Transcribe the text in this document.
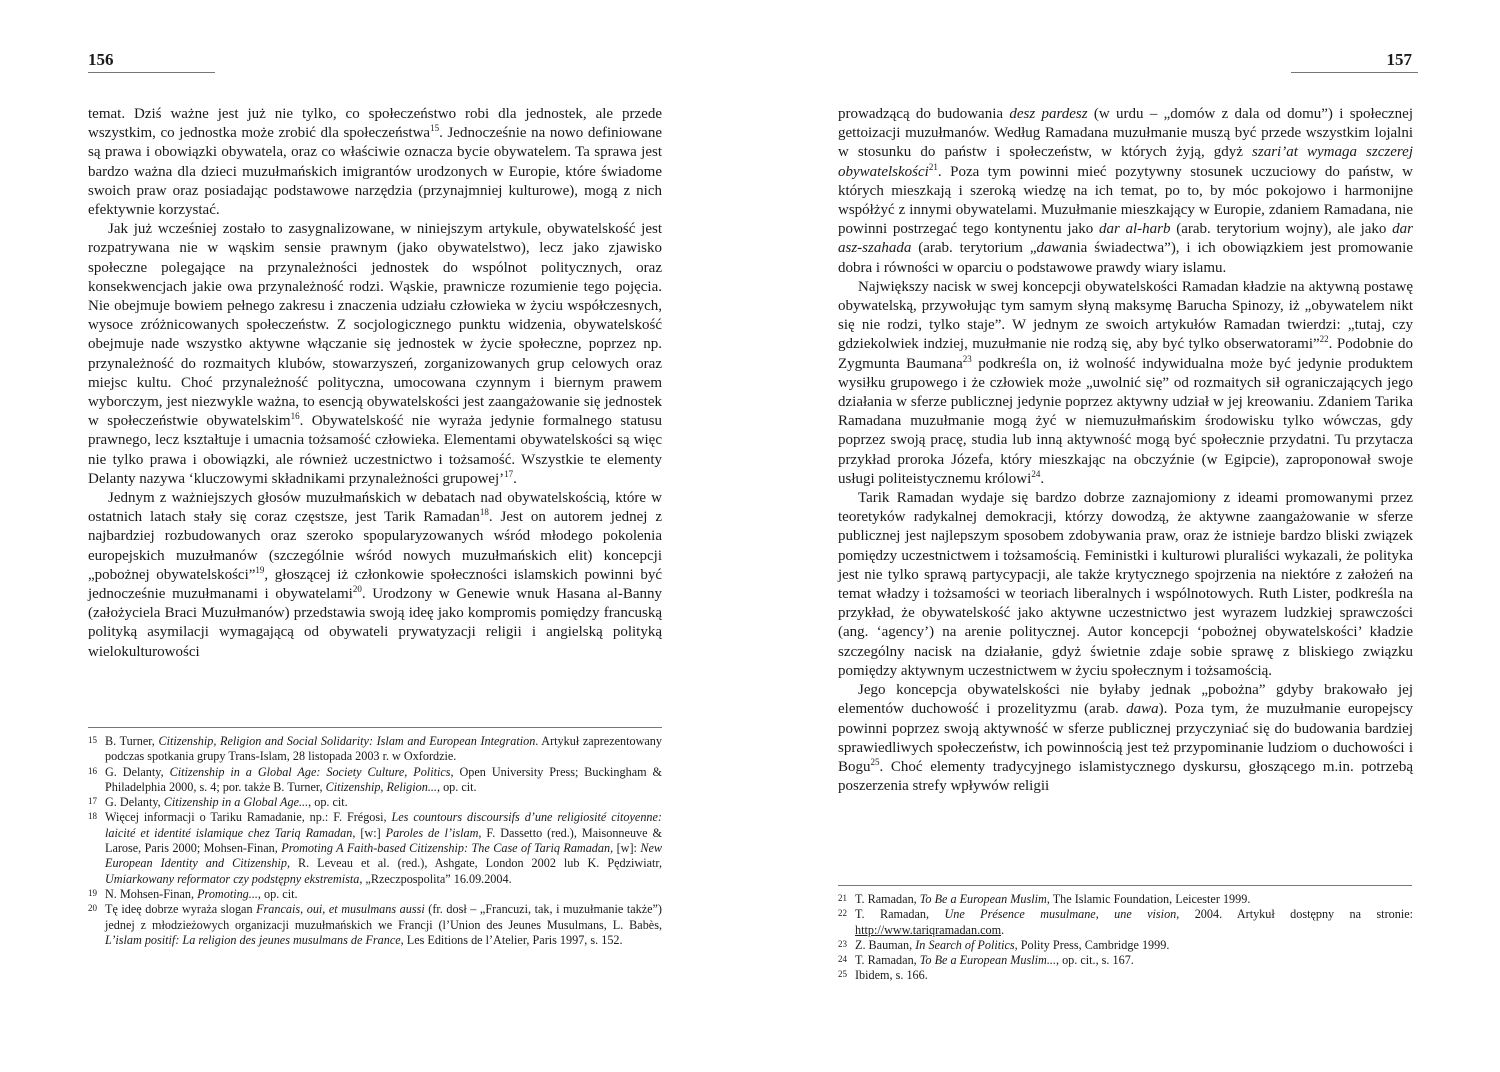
156

temat. Dziś ważne jest już nie tylko, co społeczeństwo robi dla jednostek, ale przede wszystkim, co jednostka może zrobić dla społeczeństwa$^{15}$. Jednocześnie na nowo definiowane są prawa i obowiązki obywatela, oraz co właściwie oznacza bycie obywatelem. Ta sprawa jest bardzo ważna dla dzieci muzułmańskich imigrantów urodzonych w Europie, które świadome swoich praw oraz posiadając podstawowe narzędzia (przynajmniej kulturowe), mogą z nich efektywnie korzystać.

Jak już wcześniej zostało to zasygnalizowane, w niniejszym artykule, obywatelskość jest rozpatrywana nie w wąskim sensie prawnym (jako obywatelstwo), lecz jako zjawisko społeczne polegające na przynależności jednostek do wspólnot politycznych, oraz konsekwencjach jakie owa przynależność rodzi. Wąskie, prawnicze rozumienie tego pojęcia. Nie obejmuje bowiem pełnego zakresu i znaczenia udziału człowieka w życiu współczesnych, wysoce zróżnicowanych społeczeństw. Z socjologicznego punktu widzenia, obywatelskość obejmuje nade wszystko aktywne włączanie się jednostek w życie społeczne, poprzez np. przynależność do rozmaitych klubów, stowarzyszeń, zorganizowanych grup celowych oraz miejsc kultu. Choć przynależność polityczna, umocowana czynnym i biernym prawem wyborczym, jest niezwykle ważna, to esencją obywatelskości jest zaangażowanie się jednostek w społeczeństwie obywatelskim$^{16}$. Obywatelskość nie wyraża jedynie formalnego statusu prawnego, lecz kształtuje i umacnia tożsamość człowieka. Elementami obywatelskości są więc nie tylko prawa i obowiązki, ale również uczestnictwo i tożsamość. Wszystkie te elementy Delanty nazywa ‘kluczowymi składnikami przynależności grupowej’$^{17}$.

Jednym z ważniejszych głosów muzułmańskich w debatach nad obywatelskością, które w ostatnich latach stały się coraz częstsze, jest Tarik Ramadan$^{18}$. Jest on autorem jednej z najbardziej rozbudowanych oraz szeroko spopularyzowanych wśród młodego pokolenia europejskich muzułmanów (szczególnie wśród nowych muzułmańskich elit) koncepcji „pobożnej obywatelskości”$^{19}$, głoszącej iż członkowie społeczności islamskich powinni być jednocześnie muzułmanami i obywatelami$^{20}$. Urodzony w Genewie wnuk Hasana al-Banny (założyciela Braci Muzułmanów) przedstawia swoją ideę jako kompromis pomiędzy francuską polityką asymilacji wymagającą od obywateli prywatyzacji religii i angielską polityką wielokulturowości

15 B. Turner, Citizenship, Religion and Social Solidarity: Islam and European Integration. Artykuł zaprezentowany podczas spotkania grupy Trans-Islam, 28 listopada 2003 r. w Oxfordzie.
16 G. Delanty, Citizenship in a Global Age: Society Culture, Politics, Open University Press; Buckingham & Philadelphia 2000, s. 4; por. także B. Turner, Citizenship, Religion..., op. cit.
17 G. Delanty, Citizenship in a Global Age..., op. cit.
18 Więcej informacji o Tariku Ramadanie, np.: F. Frégosi, Les countours discoursifs d’une religiosité citoyenne: laicité et identité islamique chez Tariq Ramadan, [w:] Paroles de l’islam, F. Dassetto (red.), Maisonneuve & Larose, Paris 2000; Mohsen-Finan, Promoting A Faith-based Citizenship: The Case of Tariq Ramadan, [w]: New European Identity and Citizenship, R. Leveau et al. (red.), Ashgate, London 2002 lub K. Pędziwiatr, Umiarkowany reformator czy podstępny ekstremista, „Rzeczpospolita” 16.09.2004.
19 N. Mohsen-Finan, Promoting..., op. cit.
20 Tę ideę dobrze wyraża slogan Francais, oui, et musulmans aussi (fr. dosł – „Francuzi, tak, i muzułmanie także”) jednej z młodzieżowych organizacji muzułmańskich we Francji (l’Union des Jeunes Musulmans, L. Babès, L’islam positif: La religion des jeunes musulmans de France, Les Editions de l’Atelier, Paris 1997, s. 152.
157

prowadzącą do budowania desz pardesz (w urdu – „domów z dala od domu”) i społecznej gettoizacji muzułmanów. Według Ramadana muzułmanie muszą być przede wszystkim lojalni w stosunku do państw i społeczeństw, w których żyją, gdyż szari’at wymaga szczerej obywatelskości$^{21}$. Poza tym powinni mieć pozytywny stosunek uczuciowy do państw, w których mieszkają i szeroką wiedzę na ich temat, po to, by móc pokojowo i harmonijne współżyć z innymi obywatelami. Muzułmanie mieszkający w Europie, zdaniem Ramadana, nie powinni postrzegać tego kontynentu jako dar al-harb (arab. terytorium wojny), ale jako dar asz-szahada (arab. terytorium „dawania świadectwa”), i ich obowiązkiem jest promowanie dobra i równości w oparciu o podstawowe prawdy wiary islamu.

Największy nacisk w swej koncepcji obywatelskości Ramadan kładzie na aktywną postawę obywatelską, przywołując tym samym słyną maksymę Barucha Spinozy, iż „obywatelem nikt się nie rodzi, tylko staje”. W jednym ze swoich artykułów Ramadan twierdzi: „tutaj, czy gdziekolwiek indziej, muzułmanie nie rodzą się, aby być tylko obserwatorami”$^{22}$. Podobnie do Zygmunta Baumana$^{23}$ podkreśla on, iż wolność indywidualna może być jedynie produktem wysiłku grupowego i że człowiek może „uwolnić się” od rozmaitych sił ograniczających jego działania w sferze publicznej jedynie poprzez aktywny udział w jej kreowaniu. Zdaniem Tarika Ramadana muzułmanie mogą żyć w niemuzułmańskim środowisku tylko wówczas, gdy poprzez swoją pracę, studia lub inną aktywność mogą być społecznie przydatni. Tu przytacza przykład proroka Józefa, który mieszkając na obczyźnie (w Egipcie), zaproponował swoje usługi politeistycznemu królowi$^{24}$.

Tarik Ramadan wydaje się bardzo dobrze zaznajomiony z ideami promowanymi przez teoretyków radykalnej demokracji, którzy dowodzą, że aktywne zaangażowanie w sferze publicznej jest najlepszym sposobem zdobywania praw, oraz że istnieje bardzo bliski związek pomiędzy uczestnictwem i tożsamością. Feministki i kulturowi pluraliści wykazali, że polityka jest nie tylko sprawą partycypacji, ale także krytycznego spojrzenia na niektóre z założeń na temat władzy i tożsamości w teoriach liberalnych i wspólnotowych. Ruth Lister, podkreśla na przykład, że obywatelskość jako aktywne uczestnictwo jest wyrazem ludzkiej sprawczości (ang. ‘agency’) na arenie politycznej. Autor koncepcji ‘pobożnej obywatelskości’ kładzie szczególny nacisk na działanie, gdyż świetnie zdaje sobie sprawę z bliskiego związku pomiędzy aktywnym uczestnictwem w życiu społecznym i tożsamością.

Jego koncepcja obywatelskości nie byłaby jednak „pobożna” gdyby brakowało jej elementów duchowość i prozelityzmu (arab. dawa). Poza tym, że muzułmanie europejscy powinni poprzez swoją aktywność w sferze publicznej przyczyniać się do budowania bardziej sprawiedliwych społeczeństw, ich powinnością jest też przypominanie ludziom o duchowości i Bogu$^{25}$. Choć elementy tradycyjnego islamistycznego dyskursu, głoszącego m.in. potrzebą poszerzenia strefy wpływów religii

21 T. Ramadan, To Be a European Muslim, The Islamic Foundation, Leicester 1999.
22 T. Ramadan, Une Présence musulmane, une vision, 2004. Artykuł dostępny na stronie: http://www.tariqramadan.com.
23 Z. Bauman, In Search of Politics, Polity Press, Cambridge 1999.
24 T. Ramadan, To Be a European Muslim..., op. cit., s. 167.
25 Ibidem, s. 166.
